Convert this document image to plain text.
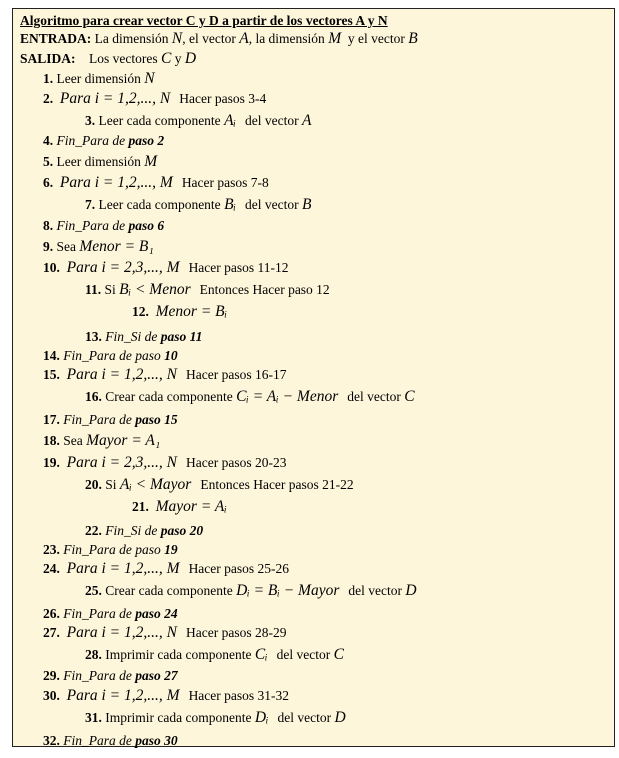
Algoritmo para crear vector C y D a partir de los vectores A y N
ENTRADA: La dimensión N, el vector A, la dimensión M y el vector B
SALIDA: Los vectores C y D
1. Leer dimensión N
2. Para i = 1,2,..., N Hacer pasos 3-4
3. Leer cada componente Aᵢ del vector A
4. Fin_Para de paso 2
5. Leer dimensión M
6. Para i = 1,2,..., M Hacer pasos 7-8
7. Leer cada componente Bᵢ del vector B
8. Fin_Para de paso 6
9. Sea Menor = B₁
10. Para i = 2,3,..., M Hacer pasos 11-12
11. Si Bᵢ < Menor Entonces Hacer paso 12
12. Menor = Bᵢ
13. Fin_Si de paso 11
14. Fin_Para de paso 10
15. Para i = 1,2,..., N Hacer pasos 16-17
16. Crear cada componente Cᵢ = Aᵢ − Menor del vector C
17. Fin_Para de paso 15
18. Sea Mayor = A₁
19. Para i = 2,3,..., N Hacer pasos 20-23
20. Si Aᵢ < Mayor Entonces Hacer pasos 21-22
21. Mayor = Aᵢ
22. Fin_Si de paso 20
23. Fin_Para de paso 19
24. Para i = 1,2,..., M Hacer pasos 25-26
25. Crear cada componente Dᵢ = Bᵢ − Mayor del vector D
26. Fin_Para de paso 24
27. Para i = 1,2,..., N Hacer pasos 28-29
28. Imprimir cada componente Cᵢ del vector C
29. Fin_Para de paso 27
30. Para i = 1,2,..., M Hacer pasos 31-32
31. Imprimir cada componente Dᵢ del vector D
32. Fin_Para de paso 30
